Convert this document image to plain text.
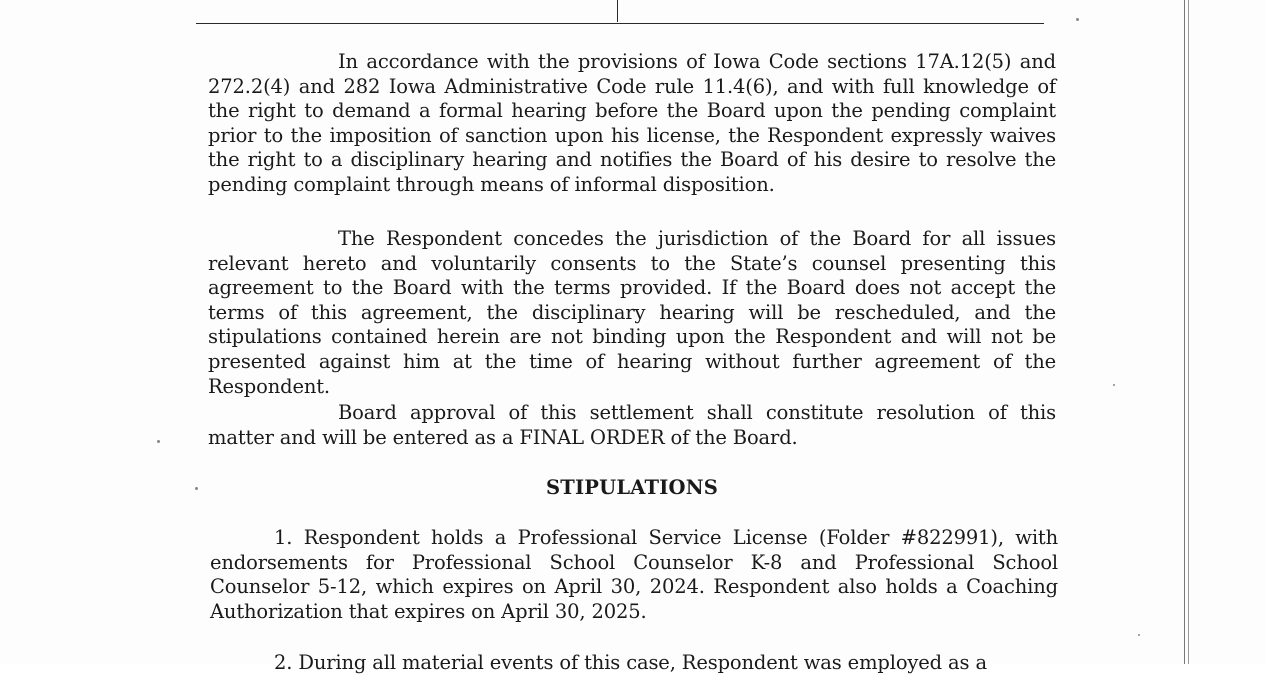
In accordance with the provisions of Iowa Code sections 17A.12(5) and 272.2(4) and 282 Iowa Administrative Code rule 11.4(6), and with full knowledge of the right to demand a formal hearing before the Board upon the pending complaint prior to the imposition of sanction upon his license, the Respondent expressly waives the right to a disciplinary hearing and notifies the Board of his desire to resolve the pending complaint through means of informal disposition.
The Respondent concedes the jurisdiction of the Board for all issues relevant hereto and voluntarily consents to the State’s counsel presenting this agreement to the Board with the terms provided. If the Board does not accept the terms of this agreement, the disciplinary hearing will be rescheduled, and the stipulations contained herein are not binding upon the Respondent and will not be presented against him at the time of hearing without further agreement of the Respondent.
Board approval of this settlement shall constitute resolution of this matter and will be entered as a FINAL ORDER of the Board.
STIPULATIONS
1. Respondent holds a Professional Service License (Folder #822991), with endorsements for Professional School Counselor K-8 and Professional School Counselor 5-12, which expires on April 30, 2024. Respondent also holds a Coaching Authorization that expires on April 30, 2025.
2. During all material events of this case, Respondent was employed as a
